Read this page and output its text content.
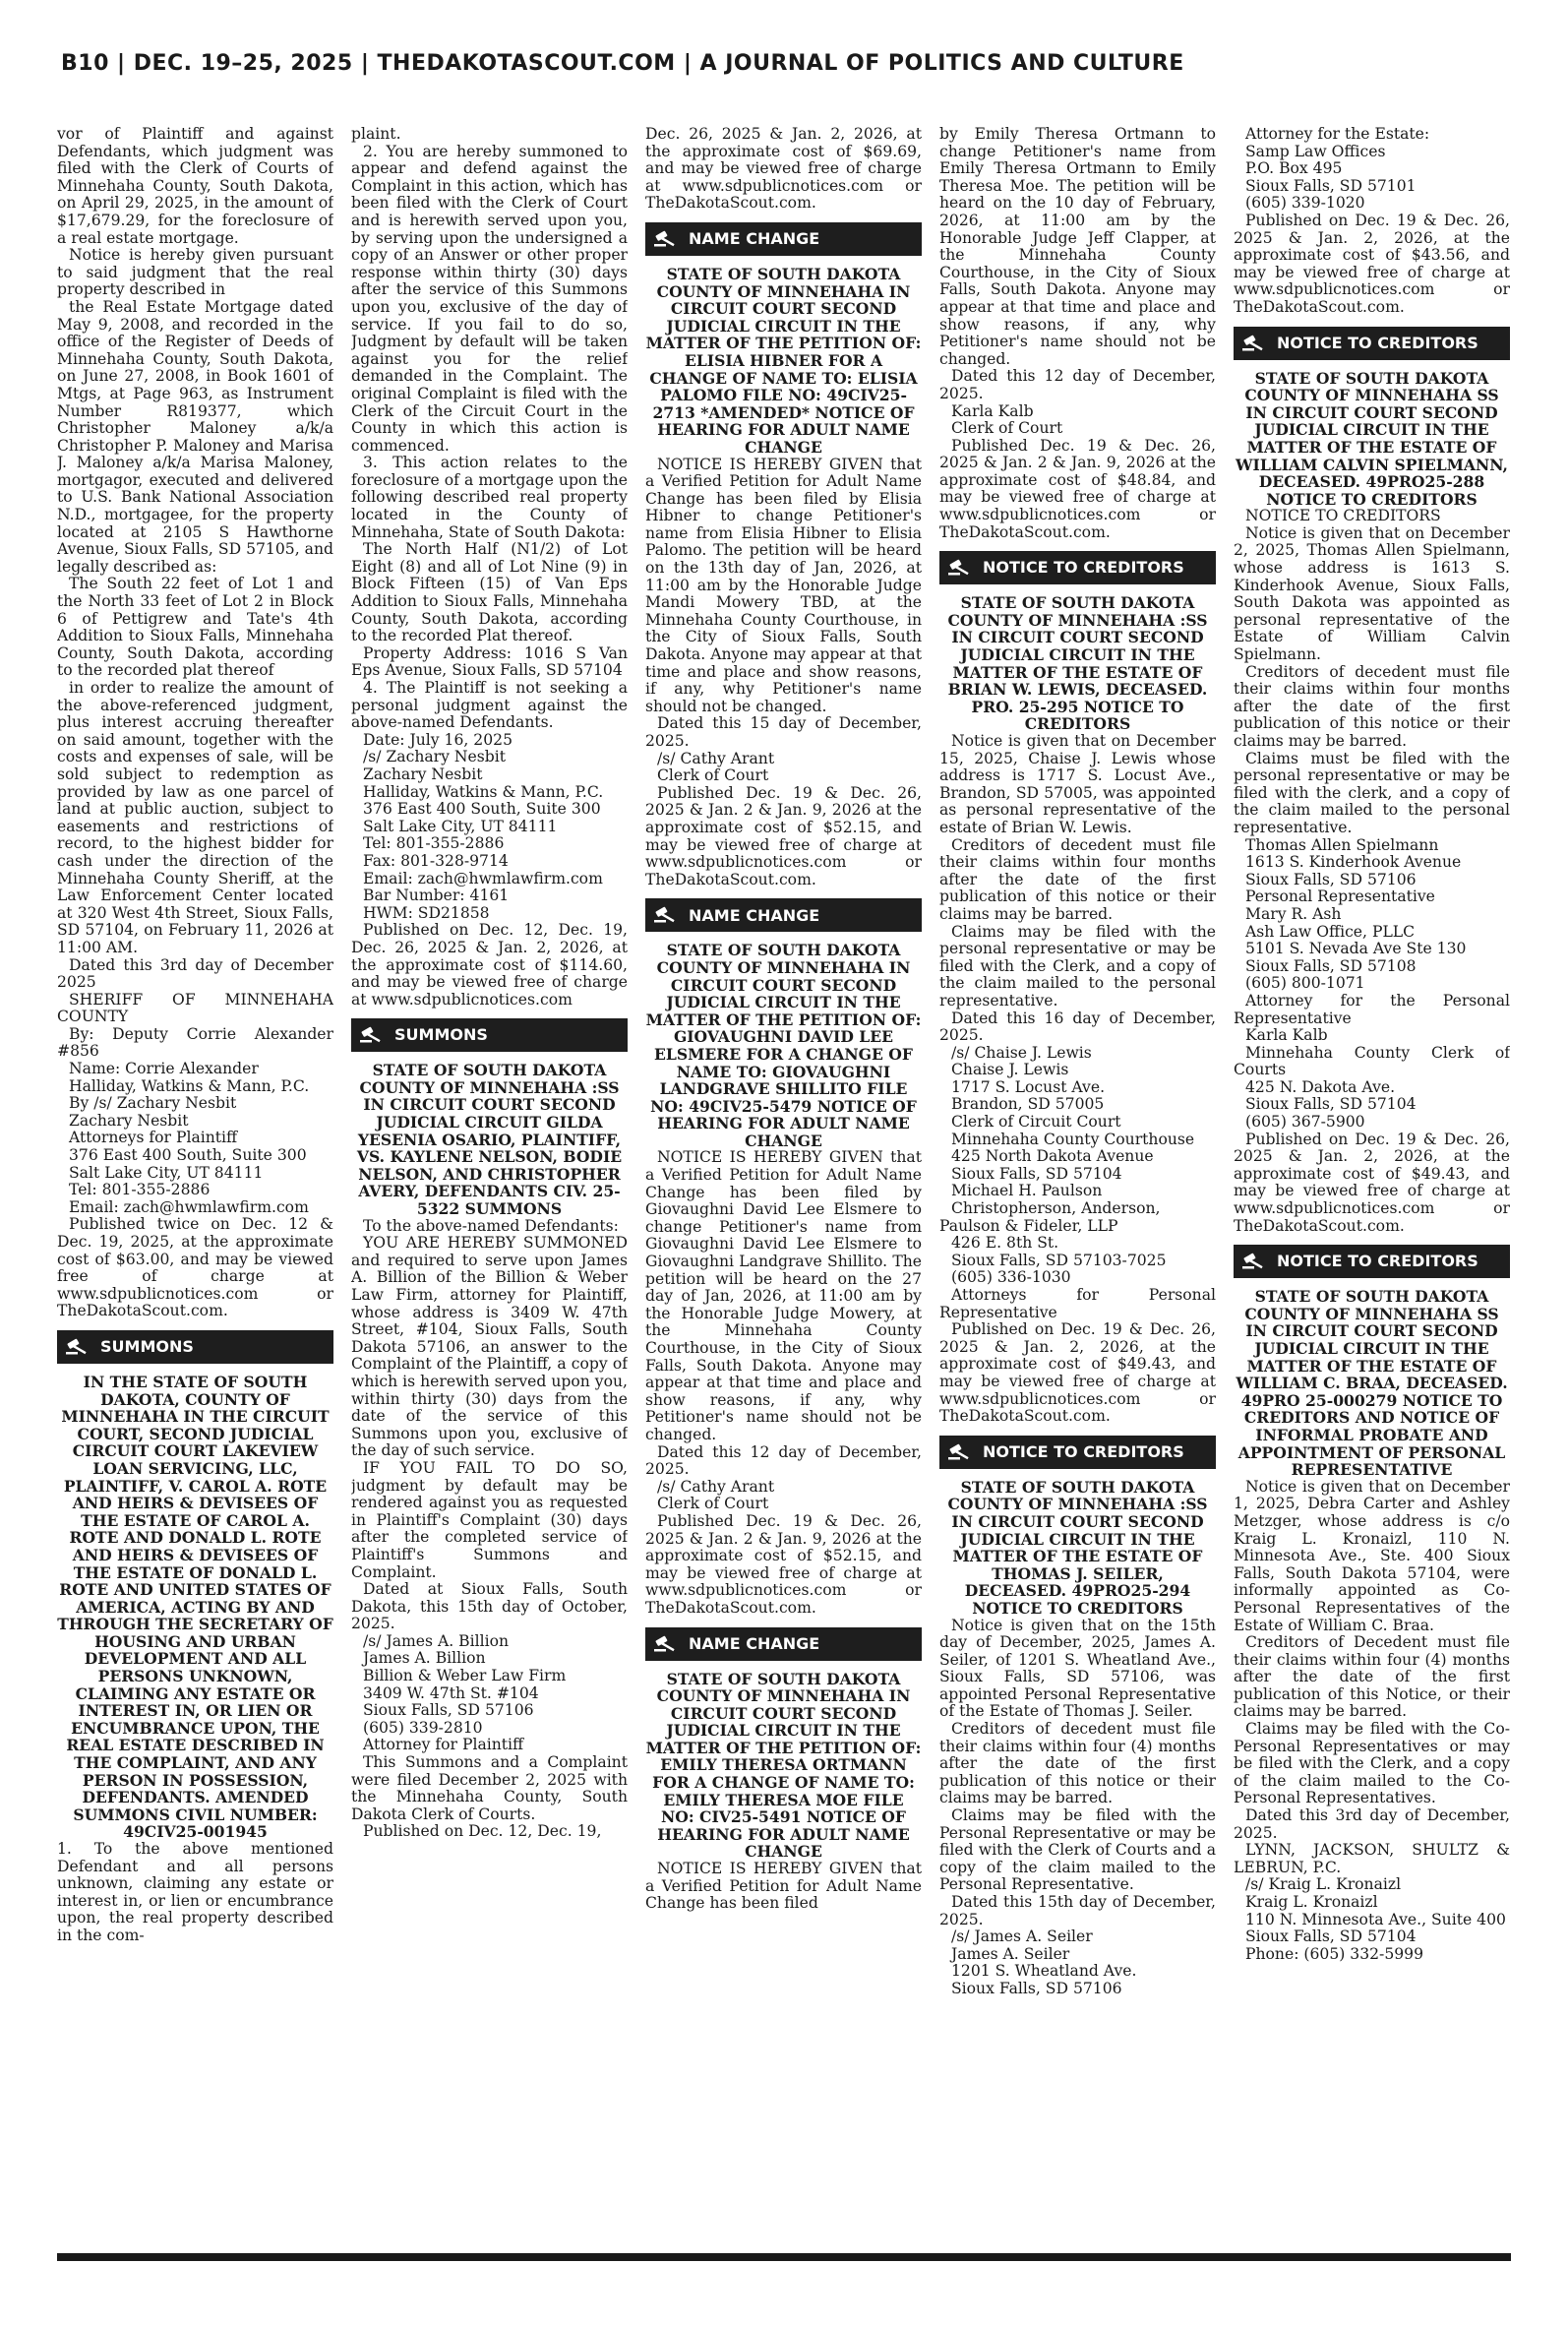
B10 | DEC. 19–25, 2025 | THEDAKOTASCOUT.COM | A JOURNAL OF POLITICS AND CULTURE

vor of Plaintiff and against Defendants, which judgment was filed with the Clerk of Courts of Minnehaha County, South Dakota, on April 29, 2025, in the amount of $17,679.29, for the foreclosure of a real estate mortgage.

Notice is hereby given pursuant to said judgment that the real property described in

the Real Estate Mortgage dated May 9, 2008, and recorded in the office of the Register of Deeds of Minnehaha County, South Dakota, on June 27, 2008, in Book 1601 of Mtgs, at Page 963, as Instrument Number R819377, which Christopher Maloney a/k/a Christopher P. Maloney and Marisa J. Maloney a/k/a Marisa Maloney, mortgagor, executed and delivered to U.S. Bank National Association N.D., mortgagee, for the property located at 2105 S Hawthorne Avenue, Sioux Falls, SD 57105, and legally described as:

The South 22 feet of Lot 1 and the North 33 feet of Lot 2 in Block 6 of Pettigrew and Tate's 4th Addition to Sioux Falls, Minnehaha County, South Dakota, according to the recorded plat thereof

in order to realize the amount of the above-referenced judgment, plus interest accruing thereafter on said amount, together with the costs and expenses of sale, will be sold subject to redemption as provided by law as one parcel of land at public auction, subject to easements and restrictions of record, to the highest bidder for cash under the direction of the Minnehaha County Sheriff, at the Law Enforcement Center located at 320 West 4th Street, Sioux Falls, SD 57104, on February 11, 2026 at 11:00 AM.

Dated this 3rd day of December 2025

SHERIFF OF MINNEHAHA COUNTY

By: Deputy Corrie Alexander #856

Name: Corrie Alexander

Halliday, Watkins & Mann, P.C.

By /s/ Zachary Nesbit

Zachary Nesbit

Attorneys for Plaintiff

376 East 400 South, Suite 300

Salt Lake City, UT 84111

Tel: 801-355-2886

Email: zach@hwmlawfirm.com

Published twice on Dec. 12 & Dec. 19, 2025, at the approximate cost of $63.00, and may be viewed free of charge at www.sdpublicnotices.com or TheDakotaScout.com.

SUMMONS

IN THE STATE OF SOUTH DAKOTA, COUNTY OF MINNEHAHA IN THE CIRCUIT COURT, SECOND JUDICIAL CIRCUIT COURT LAKEVIEW LOAN SERVICING, LLC, PLAINTIFF, V. CAROL A. ROTE AND HEIRS & DEVISEES OF THE ESTATE OF CAROL A. ROTE AND DONALD L. ROTE AND HEIRS & DEVISEES OF THE ESTATE OF DONALD L. ROTE AND UNITED STATES OF AMERICA, ACTING BY AND THROUGH THE SECRETARY OF HOUSING AND URBAN DEVELOPMENT AND ALL PERSONS UNKNOWN, CLAIMING ANY ESTATE OR INTEREST IN, OR LIEN OR ENCUMBRANCE UPON, THE REAL ESTATE DESCRIBED IN THE COMPLAINT, AND ANY PERSON IN POSSESSION, DEFENDANTS. AMENDED SUMMONS CIVIL NUMBER: 49CIV25-001945

1. To the above mentioned Defendant and all persons unknown, claiming any estate or interest in, or lien or encumbrance upon, the real property described in the com-

plaint.

2. You are hereby summoned to appear and defend against the Complaint in this action, which has been filed with the Clerk of Court and is herewith served upon you, by serving upon the undersigned a copy of an Answer or other proper response within thirty (30) days after the service of this Summons upon you, exclusive of the day of service. If you fail to do so, Judgment by default will be taken against you for the relief demanded in the Complaint. The original Complaint is filed with the Clerk of the Circuit Court in the County in which this action is commenced.

3. This action relates to the foreclosure of a mortgage upon the following described real property located in the County of Minnehaha, State of South Dakota:

The North Half (N1/2) of Lot Eight (8) and all of Lot Nine (9) in Block Fifteen (15) of Van Eps Addition to Sioux Falls, Minnehaha County, South Dakota, according to the recorded Plat thereof.

Property Address: 1016 S Van Eps Avenue, Sioux Falls, SD 57104

4. The Plaintiff is not seeking a personal judgment against the above-named Defendants.

Date: July 16, 2025

/s/ Zachary Nesbit

Zachary Nesbit

Halliday, Watkins & Mann, P.C.

376 East 400 South, Suite 300

Salt Lake City, UT 84111

Tel: 801-355-2886

Fax: 801-328-9714

Email: zach@hwmlawfirm.com

Bar Number: 4161

HWM: SD21858

Published on Dec. 12, Dec. 19, Dec. 26, 2025 & Jan. 2, 2026, at the approximate cost of $114.60, and may be viewed free of charge at www.sdpublicnotices.com

SUMMONS

STATE OF SOUTH DAKOTA COUNTY OF MINNEHAHA :SS IN CIRCUIT COURT SECOND JUDICIAL CIRCUIT GILDA YESENIA OSARIO, PLAINTIFF, VS. KAYLENE NELSON, BODIE NELSON, AND CHRISTOPHER AVERY, DEFENDANTS CIV. 25-5322 SUMMONS

To the above-named Defendants:

YOU ARE HEREBY SUMMONED and required to serve upon James A. Billion of the Billion & Weber Law Firm, attorney for Plaintiff, whose address is 3409 W. 47th Street, #104, Sioux Falls, South Dakota 57106, an answer to the Complaint of the Plaintiff, a copy of which is herewith served upon you, within thirty (30) days from the date of the service of this Summons upon you, exclusive of the day of such service.

IF YOU FAIL TO DO SO, judgment by default may be rendered against you as requested in Plaintiff's Complaint (30) days after the completed service of Plaintiff's Summons and Complaint.

Dated at Sioux Falls, South Dakota, this 15th day of October, 2025.

/s/ James A. Billion

James A. Billion

Billion & Weber Law Firm

3409 W. 47th St. #104

Sioux Falls, SD 57106

(605) 339-2810

Attorney for Plaintiff

This Summons and a Complaint were filed December 2, 2025 with the Minnehaha County, South Dakota Clerk of Courts.

Published on Dec. 12, Dec. 19,

Dec. 26, 2025 & Jan. 2, 2026, at the approximate cost of $69.69, and may be viewed free of charge at www.sdpublicnotices.com or TheDakotaScout.com.

NAME CHANGE

STATE OF SOUTH DAKOTA COUNTY OF MINNEHAHA IN CIRCUIT COURT SECOND JUDICIAL CIRCUIT IN THE MATTER OF THE PETITION OF: ELISIA HIBNER FOR A CHANGE OF NAME TO: ELISIA PALOMO FILE NO: 49CIV25-2713 *AMENDED* NOTICE OF HEARING FOR ADULT NAME CHANGE

NOTICE IS HEREBY GIVEN that a Verified Petition for Adult Name Change has been filed by Elisia Hibner to change Petitioner's name from Elisia Hibner to Elisia Palomo. The petition will be heard on the 13th day of Jan, 2026, at 11:00 am by the Honorable Judge Mandi Mowery TBD, at the Minnehaha County Courthouse, in the City of Sioux Falls, South Dakota. Anyone may appear at that time and place and show reasons, if any, why Petitioner's name should not be changed.

Dated this 15 day of December, 2025.

/s/ Cathy Arant

Clerk of Court

Published Dec. 19 & Dec. 26, 2025 & Jan. 2 & Jan. 9, 2026 at the approximate cost of $52.15, and may be viewed free of charge at www.sdpublicnotices.com or TheDakotaScout.com.

NAME CHANGE

STATE OF SOUTH DAKOTA COUNTY OF MINNEHAHA IN CIRCUIT COURT SECOND JUDICIAL CIRCUIT IN THE MATTER OF THE PETITION OF: GIOVAUGHNI DAVID LEE ELSMERE FOR A CHANGE OF NAME TO: GIOVAUGHNI LANDGRAVE SHILLITO FILE NO: 49CIV25-5479 NOTICE OF HEARING FOR ADULT NAME CHANGE

NOTICE IS HEREBY GIVEN that a Verified Petition for Adult Name Change has been filed by Giovaughni David Lee Elsmere to change Petitioner's name from Giovaughni David Lee Elsmere to Giovaughni Landgrave Shillito. The petition will be heard on the 27 day of Jan, 2026, at 11:00 am by the Honorable Judge Mowery, at the Minnehaha County Courthouse, in the City of Sioux Falls, South Dakota. Anyone may appear at that time and place and show reasons, if any, why Petitioner's name should not be changed.

Dated this 12 day of December, 2025.

/s/ Cathy Arant

Clerk of Court

Published Dec. 19 & Dec. 26, 2025 & Jan. 2 & Jan. 9, 2026 at the approximate cost of $52.15, and may be viewed free of charge at www.sdpublicnotices.com or TheDakotaScout.com.

NAME CHANGE

STATE OF SOUTH DAKOTA COUNTY OF MINNEHAHA IN CIRCUIT COURT SECOND JUDICIAL CIRCUIT IN THE MATTER OF THE PETITION OF: EMILY THERESA ORTMANN FOR A CHANGE OF NAME TO: EMILY THERESA MOE FILE NO: CIV25-5491 NOTICE OF HEARING FOR ADULT NAME CHANGE

NOTICE IS HEREBY GIVEN that a Verified Petition for Adult Name Change has been filed

by Emily Theresa Ortmann to change Petitioner's name from Emily Theresa Ortmann to Emily Theresa Moe. The petition will be heard on the 10 day of February, 2026, at 11:00 am by the Honorable Judge Jeff Clapper, at the Minnehaha County Courthouse, in the City of Sioux Falls, South Dakota. Anyone may appear at that time and place and show reasons, if any, why Petitioner's name should not be changed.

Dated this 12 day of December, 2025.

Karla Kalb

Clerk of Court

Published Dec. 19 & Dec. 26, 2025 & Jan. 2 & Jan. 9, 2026 at the approximate cost of $48.84, and may be viewed free of charge at www.sdpublicnotices.com or TheDakotaScout.com.

NOTICE TO CREDITORS

STATE OF SOUTH DAKOTA COUNTY OF MINNEHAHA :SS IN CIRCUIT COURT SECOND JUDICIAL CIRCUIT IN THE MATTER OF THE ESTATE OF BRIAN W. LEWIS, DECEASED. PRO. 25-295 NOTICE TO CREDITORS

Notice is given that on December 15, 2025, Chaise J. Lewis whose address is 1717 S. Locust Ave., Brandon, SD 57005, was appointed as personal representative of the estate of Brian W. Lewis.

Creditors of decedent must file their claims within four months after the date of the first publication of this notice or their claims may be barred.

Claims may be filed with the personal representative or may be filed with the Clerk, and a copy of the claim mailed to the personal representative.

Dated this 16 day of December, 2025.

/s/ Chaise J. Lewis

Chaise J. Lewis

1717 S. Locust Ave.

Brandon, SD 57005

Clerk of Circuit Court

Minnehaha County Courthouse

425 North Dakota Avenue

Sioux Falls, SD 57104

Michael H. Paulson

Christopherson, Anderson, Paulson & Fideler, LLP

426 E. 8th St.

Sioux Falls, SD 57103-7025

(605) 336-1030

Attorneys for Personal Representative

Published on Dec. 19 & Dec. 26, 2025 & Jan. 2, 2026, at the approximate cost of $49.43, and may be viewed free of charge at www.sdpublicnotices.com or TheDakotaScout.com.

NOTICE TO CREDITORS

STATE OF SOUTH DAKOTA COUNTY OF MINNEHAHA :SS IN CIRCUIT COURT SECOND JUDICIAL CIRCUIT IN THE MATTER OF THE ESTATE OF THOMAS J. SEILER, DECEASED. 49PRO25-294 NOTICE TO CREDITORS

Notice is given that on the 15th day of December, 2025, James A. Seiler, of 1201 S. Wheatland Ave., Sioux Falls, SD 57106, was appointed Personal Representative of the Estate of Thomas J. Seiler.

Creditors of decedent must file their claims within four (4) months after the date of the first publication of this notice or their claims may be barred.

Claims may be filed with the Personal Representative or may be filed with the Clerk of Courts and a copy of the claim mailed to the Personal Representative.

Dated this 15th day of December, 2025.

/s/ James A. Seiler

James A. Seiler

1201 S. Wheatland Ave.

Sioux Falls, SD 57106

Attorney for the Estate:

Samp Law Offices

P.O. Box 495

Sioux Falls, SD 57101

(605) 339-1020

Published on Dec. 19 & Dec. 26, 2025 & Jan. 2, 2026, at the approximate cost of $43.56, and may be viewed free of charge at www.sdpublicnotices.com or TheDakotaScout.com.

NOTICE TO CREDITORS

STATE OF SOUTH DAKOTA COUNTY OF MINNEHAHA SS IN CIRCUIT COURT SECOND JUDICIAL CIRCUIT IN THE MATTER OF THE ESTATE OF WILLIAM CALVIN SPIELMANN, DECEASED. 49PRO25-288 NOTICE TO CREDITORS

NOTICE TO CREDITORS

Notice is given that on December 2, 2025, Thomas Allen Spielmann, whose address is 1613 S. Kinderhook Avenue, Sioux Falls, South Dakota was appointed as personal representative of the Estate of William Calvin Spielmann.

Creditors of decedent must file their claims within four months after the date of the first publication of this notice or their claims may be barred.

Claims must be filed with the personal representative or may be filed with the clerk, and a copy of the claim mailed to the personal representative.

Thomas Allen Spielmann

1613 S. Kinderhook Avenue

Sioux Falls, SD 57106

Personal Representative

Mary R. Ash

Ash Law Office, PLLC

5101 S. Nevada Ave Ste 130

Sioux Falls, SD 57108

(605) 800-1071

Attorney for the Personal Representative

Karla Kalb

Minnehaha County Clerk of Courts

425 N. Dakota Ave.

Sioux Falls, SD 57104

(605) 367-5900

Published on Dec. 19 & Dec. 26, 2025 & Jan. 2, 2026, at the approximate cost of $49.43, and may be viewed free of charge at www.sdpublicnotices.com or TheDakotaScout.com.

NOTICE TO CREDITORS

STATE OF SOUTH DAKOTA COUNTY OF MINNEHAHA SS IN CIRCUIT COURT SECOND JUDICIAL CIRCUIT IN THE MATTER OF THE ESTATE OF WILLIAM C. BRAA, DECEASED. 49PRO 25-000279 NOTICE TO CREDITORS AND NOTICE OF INFORMAL PROBATE AND APPOINTMENT OF PERSONAL REPRESENTATIVE

Notice is given that on December 1, 2025, Debra Carter and Ashley Metzger, whose address is c/o Kraig L. Kronaizl, 110 N. Minnesota Ave., Ste. 400 Sioux Falls, South Dakota 57104, were informally appointed as Co-Personal Representatives of the Estate of William C. Braa.

Creditors of Decedent must file their claims within four (4) months after the date of the first publication of this Notice, or their claims may be barred.

Claims may be filed with the Co-Personal Representatives or may be filed with the Clerk, and a copy of the claim mailed to the Co-Personal Representatives.

Dated this 3rd day of December, 2025.

LYNN, JACKSON, SHULTZ & LEBRUN, P.C.

/s/ Kraig L. Kronaizl

Kraig L. Kronaizl

110 N. Minnesota Ave., Suite 400

Sioux Falls, SD 57104

Phone: (605) 332-5999
